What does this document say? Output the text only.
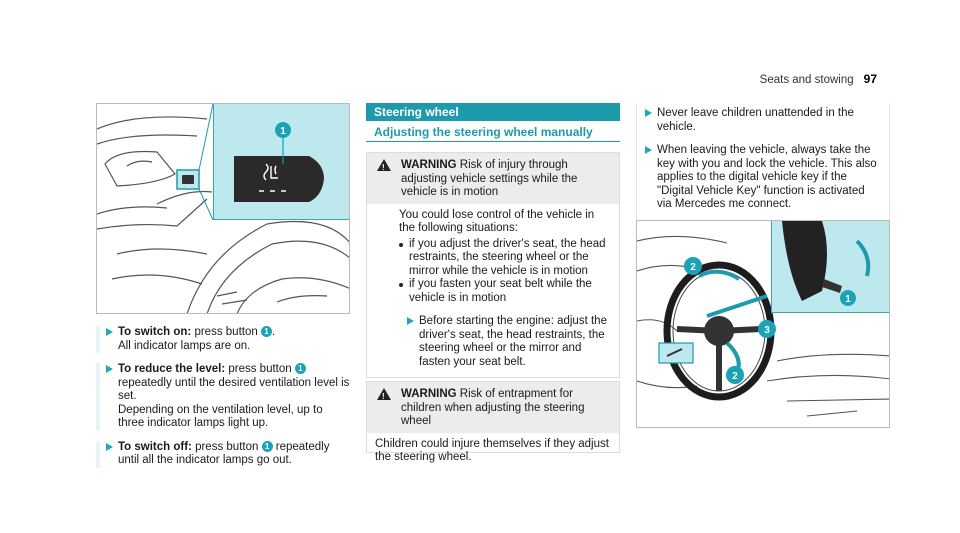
Seats and stowing 97
1
To switch on: press button 1 .
All indicator lamps are on.
To reduce the level: press button 1
repeatedly until the desired ventilation level is set.
Depending on the ventilation level, up to three indicator lamps light up.
To switch off: press button 1 repeatedly until all the indicator lamps go out.
Steering wheel
Adjusting the steering wheel manually
!
WARNING Risk of injury through adjusting vehicle settings while the vehicle is in motion
You could lose control of the vehicle in the following situations:
if you adjust the driver's seat, the head restraints, the steering wheel or the mirror while the vehicle is in motion
if you fasten your seat belt while the vehicle is in motion
Before starting the engine: adjust the driver's seat, the head restraints, the steering wheel or the mirror and fasten your seat belt.
!
WARNING Risk of entrapment for children when adjusting the steering wheel
Children could injure themselves if they adjust the steering wheel.
Never leave children unattended in the vehicle.
When leaving the vehicle, always take the key with you and lock the vehicle. This also applies to the digital vehicle key if the "Digital Vehicle Key" function is activated via Mercedes me connect.
2
2
3
1
